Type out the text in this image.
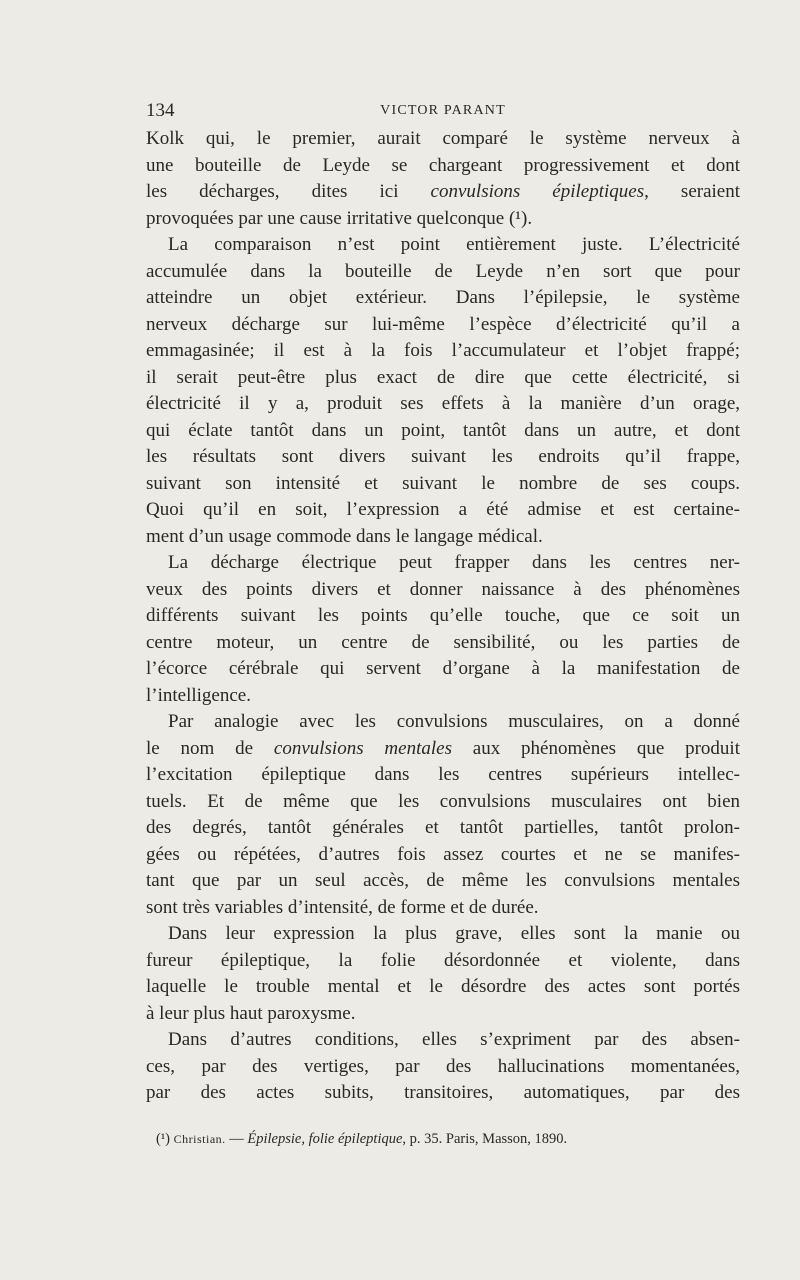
134	VICTOR PARANT
Kolk qui, le premier, aurait comparé le système nerveux à
une bouteille de Leyde se chargeant progressivement et dont
les décharges, dites ici convulsions épileptiques, seraient
provoquées par une cause irritative quelconque (¹).
La comparaison n’est point entièrement juste. L’électricité
accumulée dans la bouteille de Leyde n’en sort que pour
atteindre un objet extérieur. Dans l’épilepsie, le système
nerveux décharge sur lui-même l’espèce d’électricité qu’il a
emmagasinée; il est à la fois l’accumulateur et l’objet frappé;
il serait peut-être plus exact de dire que cette électricité, si
électricité il y a, produit ses effets à la manière d’un orage,
qui éclate tantôt dans un point, tantôt dans un autre, et dont
les résultats sont divers suivant les endroits qu’il frappe,
suivant son intensité et suivant le nombre de ses coups.
Quoi qu’il en soit, l’expression a été admise et est certaine-
ment d’un usage commode dans le langage médical.
La décharge électrique peut frapper dans les centres ner-
veux des points divers et donner naissance à des phénomènes
différents suivant les points qu’elle touche, que ce soit un
centre moteur, un centre de sensibilité, ou les parties de
l’écorce cérébrale qui servent d’organe à la manifestation de
l’intelligence.
Par analogie avec les convulsions musculaires, on a donné
le nom de convulsions mentales aux phénomènes que produit
l’excitation épileptique dans les centres supérieurs intellec-
tuels. Et de même que les convulsions musculaires ont bien
des degrés, tantôt générales et tantôt partielles, tantôt prolon-
gées ou répétées, d’autres fois assez courtes et ne se manifes-
tant que par un seul accès, de même les convulsions mentales
sont très variables d’intensité, de forme et de durée.
Dans leur expression la plus grave, elles sont la manie ou
fureur épileptique, la folie désordonnée et violente, dans
laquelle le trouble mental et le désordre des actes sont portés
à leur plus haut paroxysme.
Dans d’autres conditions, elles s’expriment par des absen-
ces, par des vertiges, par des hallucinations momentanées,
par des actes subits, transitoires, automatiques, par des
(¹) Christian. — Épilepsie, folie épileptique, p. 35. Paris, Masson, 1890.
